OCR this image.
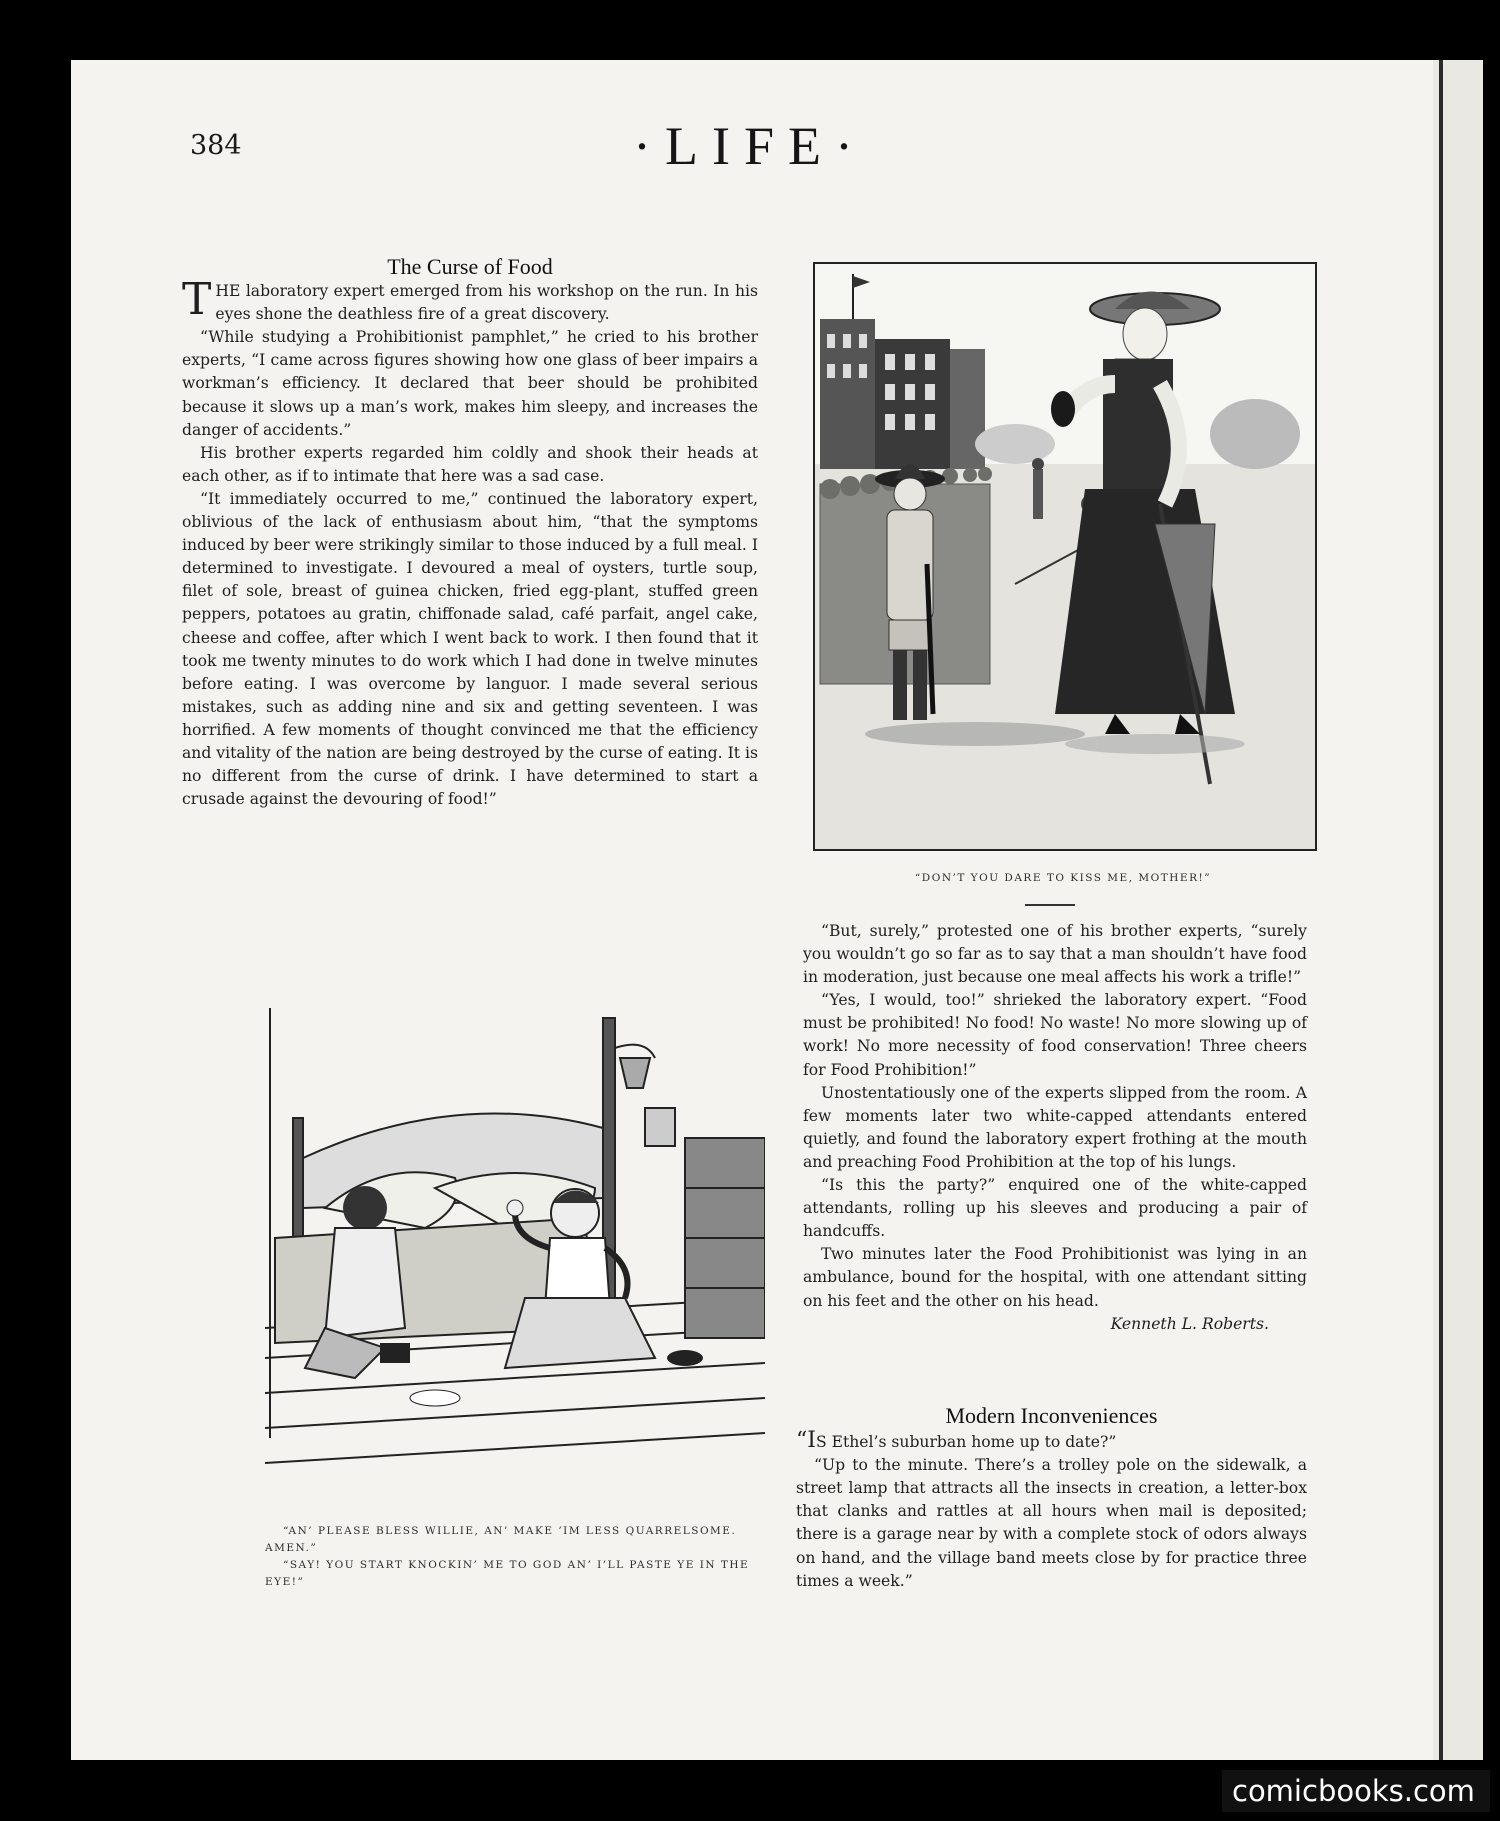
384	·LIFE·
The Curse of Food

THE laboratory expert emerged from his workshop on the run. In his eyes shone the deathless fire of a great discovery.

“While studying a Prohibitionist pamphlet,” he cried to his brother experts, “I came across figures showing how one glass of beer impairs a workman’s efficiency. It declared that beer should be prohibited because it slows up a man’s work, makes him sleepy, and increases the danger of accidents.”

His brother experts regarded him coldly and shook their heads at each other, as if to intimate that here was a sad case.

“It immediately occurred to me,” continued the laboratory expert, oblivious of the lack of enthusiasm about him, “that the symptoms induced by beer were strikingly similar to those induced by a full meal. I determined to investigate. I devoured a meal of oysters, turtle soup, filet of sole, breast of guinea chicken, fried egg-plant, stuffed green peppers, potatoes au gratin, chiffonade salad, café parfait, angel cake, cheese and coffee, after which I went back to work. I then found that it took me twenty minutes to do work which I had done in twelve minutes before eating. I was overcome by languor. I made several serious mistakes, such as adding nine and six and getting seventeen. I was horrified. A few moments of thought convinced me that the efficiency and vitality of the nation are being destroyed by the curse of eating. It is no different from the curse of drink. I have determined to start a crusade against the devouring of food!”

“DON’T YOU DARE TO KISS ME, MOTHER!”

“But, surely,” protested one of his brother experts, “surely you wouldn’t go so far as to say that a man shouldn’t have food in moderation, just because one meal affects his work a trifle!”

“Yes, I would, too!” shrieked the laboratory expert. “Food must be prohibited! No food! No waste! No more slowing up of work! No more necessity of food conservation! Three cheers for Food Prohibition!”

Unostentatiously one of the experts slipped from the room. A few moments later two white-capped attendants entered quietly, and found the laboratory expert frothing at the mouth and preaching Food Prohibition at the top of his lungs.

“Is this the party?” enquired one of the white-capped attendants, rolling up his sleeves and producing a pair of handcuffs.

Two minutes later the Food Prohibitionist was lying in an ambulance, bound for the hospital, with one attendant sitting on his feet and the other on his head.

Kenneth L. Roberts.

Modern Inconveniences

“IS Ethel’s suburban home up to date?”

“Up to the minute. There’s a trolley pole on the sidewalk, a street lamp that attracts all the insects in creation, a letter-box that clanks and rattles at all hours when mail is deposited; there is a garage near by with a complete stock of odors always on hand, and the village band meets close by for practice three times a week.”

“AN’ PLEASE BLESS WILLIE, AN’ MAKE ’IM LESS QUARRELSOME. AMEN.”
“SAY! YOU START KNOCKIN’ ME TO GOD AN’ I’LL PASTE YE IN THE EYE!”
comicbooks.com
